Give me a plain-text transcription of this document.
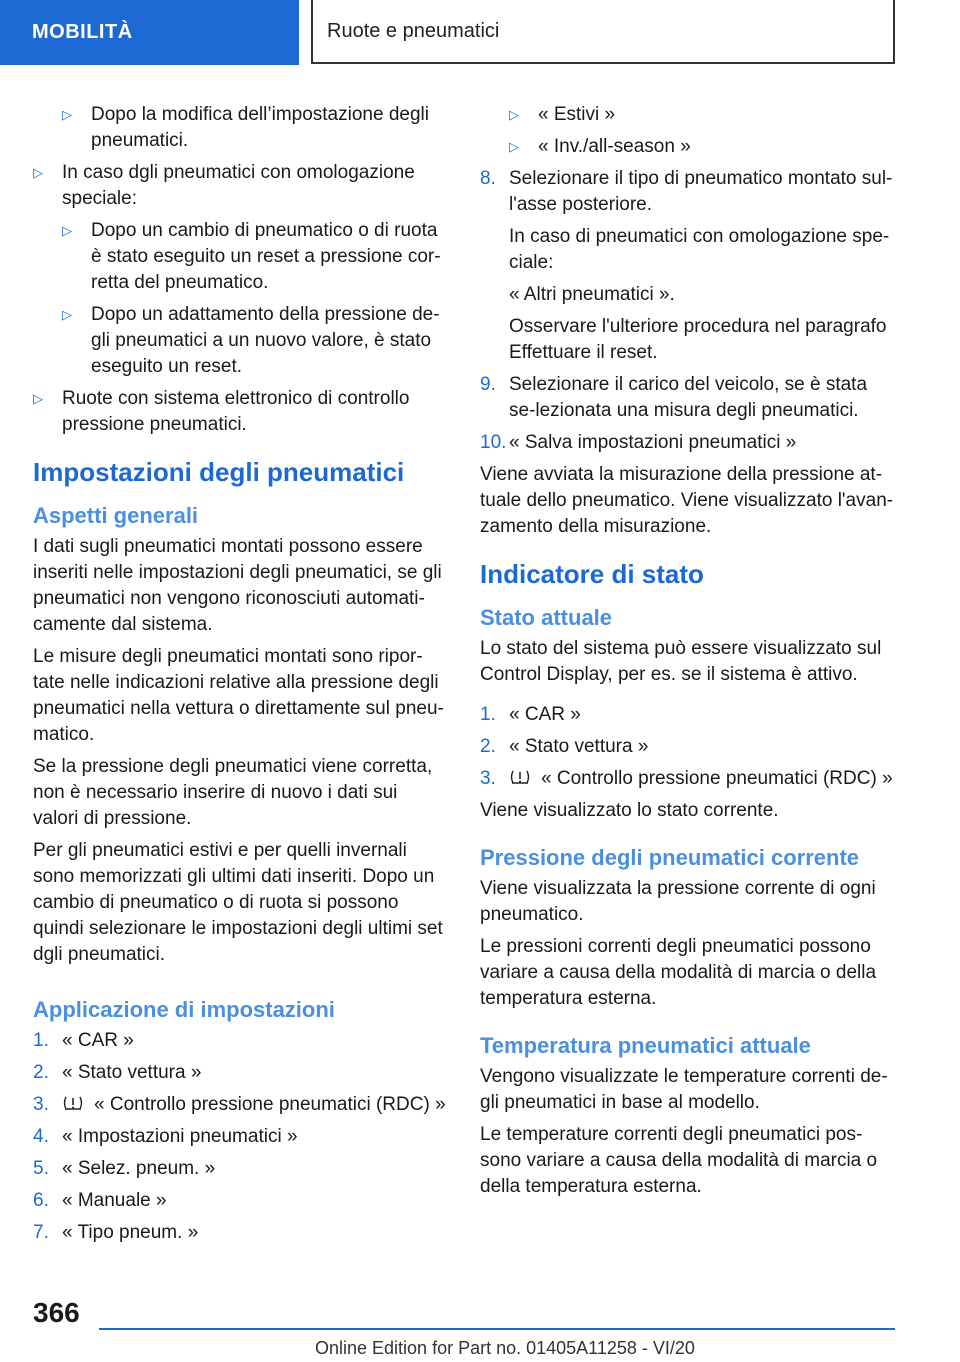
MOBILITÀ	Ruote e pneumatici
▷ Dopo la modifica dell’impostazione degli pneumatici.
▷ In caso dgli pneumatici con omologazione speciale:
▷ Dopo un cambio di pneumatico o di ruota è stato eseguito un reset a pressione cor-retta del pneumatico.
▷ Dopo un adattamento della pressione de-gli pneumatici a un nuovo valore, è stato eseguito un reset.
▷ Ruote con sistema elettronico di controllo pressione pneumatici.
Impostazioni degli pneumatici
Aspetti generali

I dati sugli pneumatici montati possono essere inseriti nelle impostazioni degli pneumatici, se gli pneumatici non vengono riconosciuti automati-camente dal sistema.

Le misure degli pneumatici montati sono ripor-tate nelle indicazioni relative alla pressione degli pneumatici nella vettura o direttamente sul pneu-matico.

Se la pressione degli pneumatici viene corretta, non è necessario inserire di nuovo i dati sui valori di pressione.

Per gli pneumatici estivi e per quelli invernali sono memorizzati gli ultimi dati inseriti. Dopo un cambio di pneumatico o di ruota si possono quindi selezionare le impostazioni degli ultimi set dgli pneumatici.

Applicazione di impostazioni
1. « CAR »
2. « Stato vettura »
3. « Controllo pressione pneumatici (RDC) »
4. « Impostazioni pneumatici »
5. « Selez. pneum. »
6. « Manuale »
7. « Tipo pneum. »
▷ « Estivi »
▷ « Inv./all-season »
8. Selezionare il tipo di pneumatico montato sul-l'asse posteriore.

In caso di pneumatici con omologazione spe-ciale:

« Altri pneumatici ».

Osservare l'ulteriore procedura nel paragrafo Effettuare il reset.

9. Selezionare il carico del veicolo, se è stata se-lezionata una misura degli pneumatici.
10. « Salva impostazioni pneumatici »

Viene avviata la misurazione della pressione at-tuale dello pneumatico. Viene visualizzato l'avan-zamento della misurazione.

Indicatore di stato
Stato attuale

Lo stato del sistema può essere visualizzato sul Control Display, per es. se il sistema è attivo.

1. « CAR »
2. « Stato vettura »
3. « Controllo pressione pneumatici (RDC) »

Viene visualizzato lo stato corrente.

Pressione degli pneumatici corrente

Viene visualizzata la pressione corrente di ogni pneumatico.

Le pressioni correnti degli pneumatici possono variare a causa della modalità di marcia o della temperatura esterna.

Temperatura pneumatici attuale

Vengono visualizzate le temperature correnti de-gli pneumatici in base al modello.

Le temperature correnti degli pneumatici pos-sono variare a causa della modalità di marcia o della temperatura esterna.

366
Online Edition for Part no. 01405A11258 - VI/20
